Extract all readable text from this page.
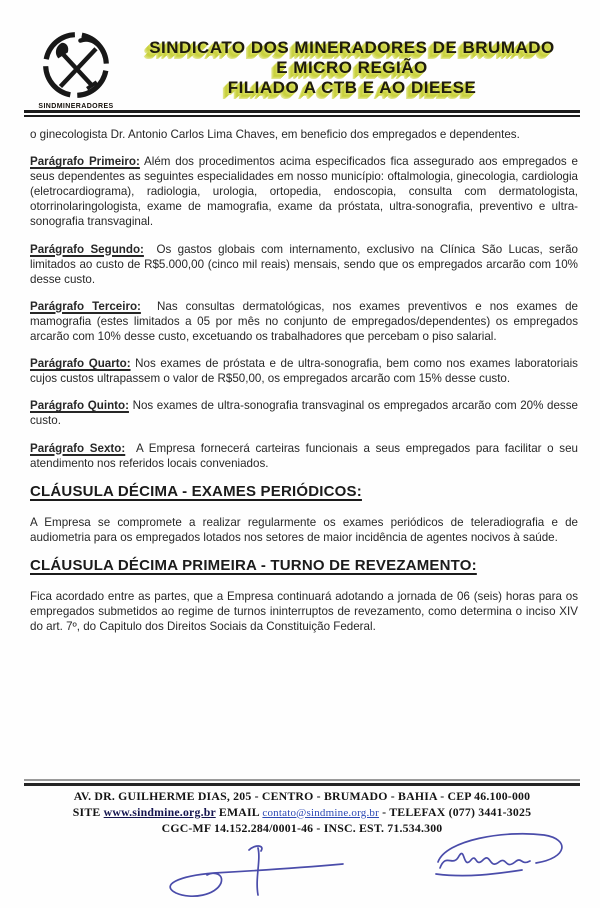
SINDMINERADORES
SINDICATO DOS MINERADORES DE BRUMADO
E MICRO REGIÃO
FILIADO A CTB E AO DIEESE

o ginecologista Dr. Antonio Carlos Lima Chaves, em beneficio dos empregados e dependentes.

Parágrafo Primeiro: Além dos procedimentos acima especificados fica assegurado aos empregados e seus dependentes as seguintes especialidades em nosso município: oftalmologia, ginecologia, cardiologia (eletrocardiograma), radiologia, urologia, ortopedia, endoscopia, consulta com dermatologista, otorrinolaringologista, exame de mamografia, exame da próstata, ultra-sonografia, preventivo e ultra-sonografia transvaginal.

Parágrafo Segundo: Os gastos globais com internamento, exclusivo na Clínica São Lucas, serão limitados ao custo de R$5.000,00 (cinco mil reais) mensais, sendo que os empregados arcarão com 10% desse custo.

Parágrafo Terceiro: Nas consultas dermatológicas, nos exames preventivos e nos exames de mamografia (estes limitados a 05 por mês no conjunto de empregados/dependentes) os empregados arcarão com 10% desse custo, excetuando os trabalhadores que percebam o piso salarial.

Parágrafo Quarto: Nos exames de próstata e de ultra-sonografia, bem como nos exames laboratoriais cujos custos ultrapassem o valor de R$50,00, os empregados arcarão com 15% desse custo.

Parágrafo Quinto: Nos exames de ultra-sonografia transvaginal os empregados arcarão com 20% desse custo.

Parágrafo Sexto: A Empresa fornecerá carteiras funcionais a seus empregados para facilitar o seu atendimento nos referidos locais conveniados.

CLÁUSULA DÉCIMA - EXAMES PERIÓDICOS:

A Empresa se compromete a realizar regularmente os exames periódicos de teleradiografia e de audiometria para os empregados lotados nos setores de maior incidência de agentes nocivos à saúde.

CLÁUSULA DÉCIMA PRIMEIRA - TURNO DE REVEZAMENTO:

Fica acordado entre as partes, que a Empresa continuará adotando a jornada de 06 (seis) horas para os empregados submetidos ao regime de turnos ininterruptos de revezamento, como determina o inciso XIV do art. 7º, do Capitulo dos Direitos Sociais da Constituição Federal.

AV. DR. GUILHERME DIAS, 205 - CENTRO - BRUMADO - BAHIA - CEP 46.100-000
SITE www.sindmine.org.br EMAIL contato@sindmine.org.br - TELEFAX (077) 3441-3025
CGC-MF 14.152.284/0001-46 - INSC. EST. 71.534.300
